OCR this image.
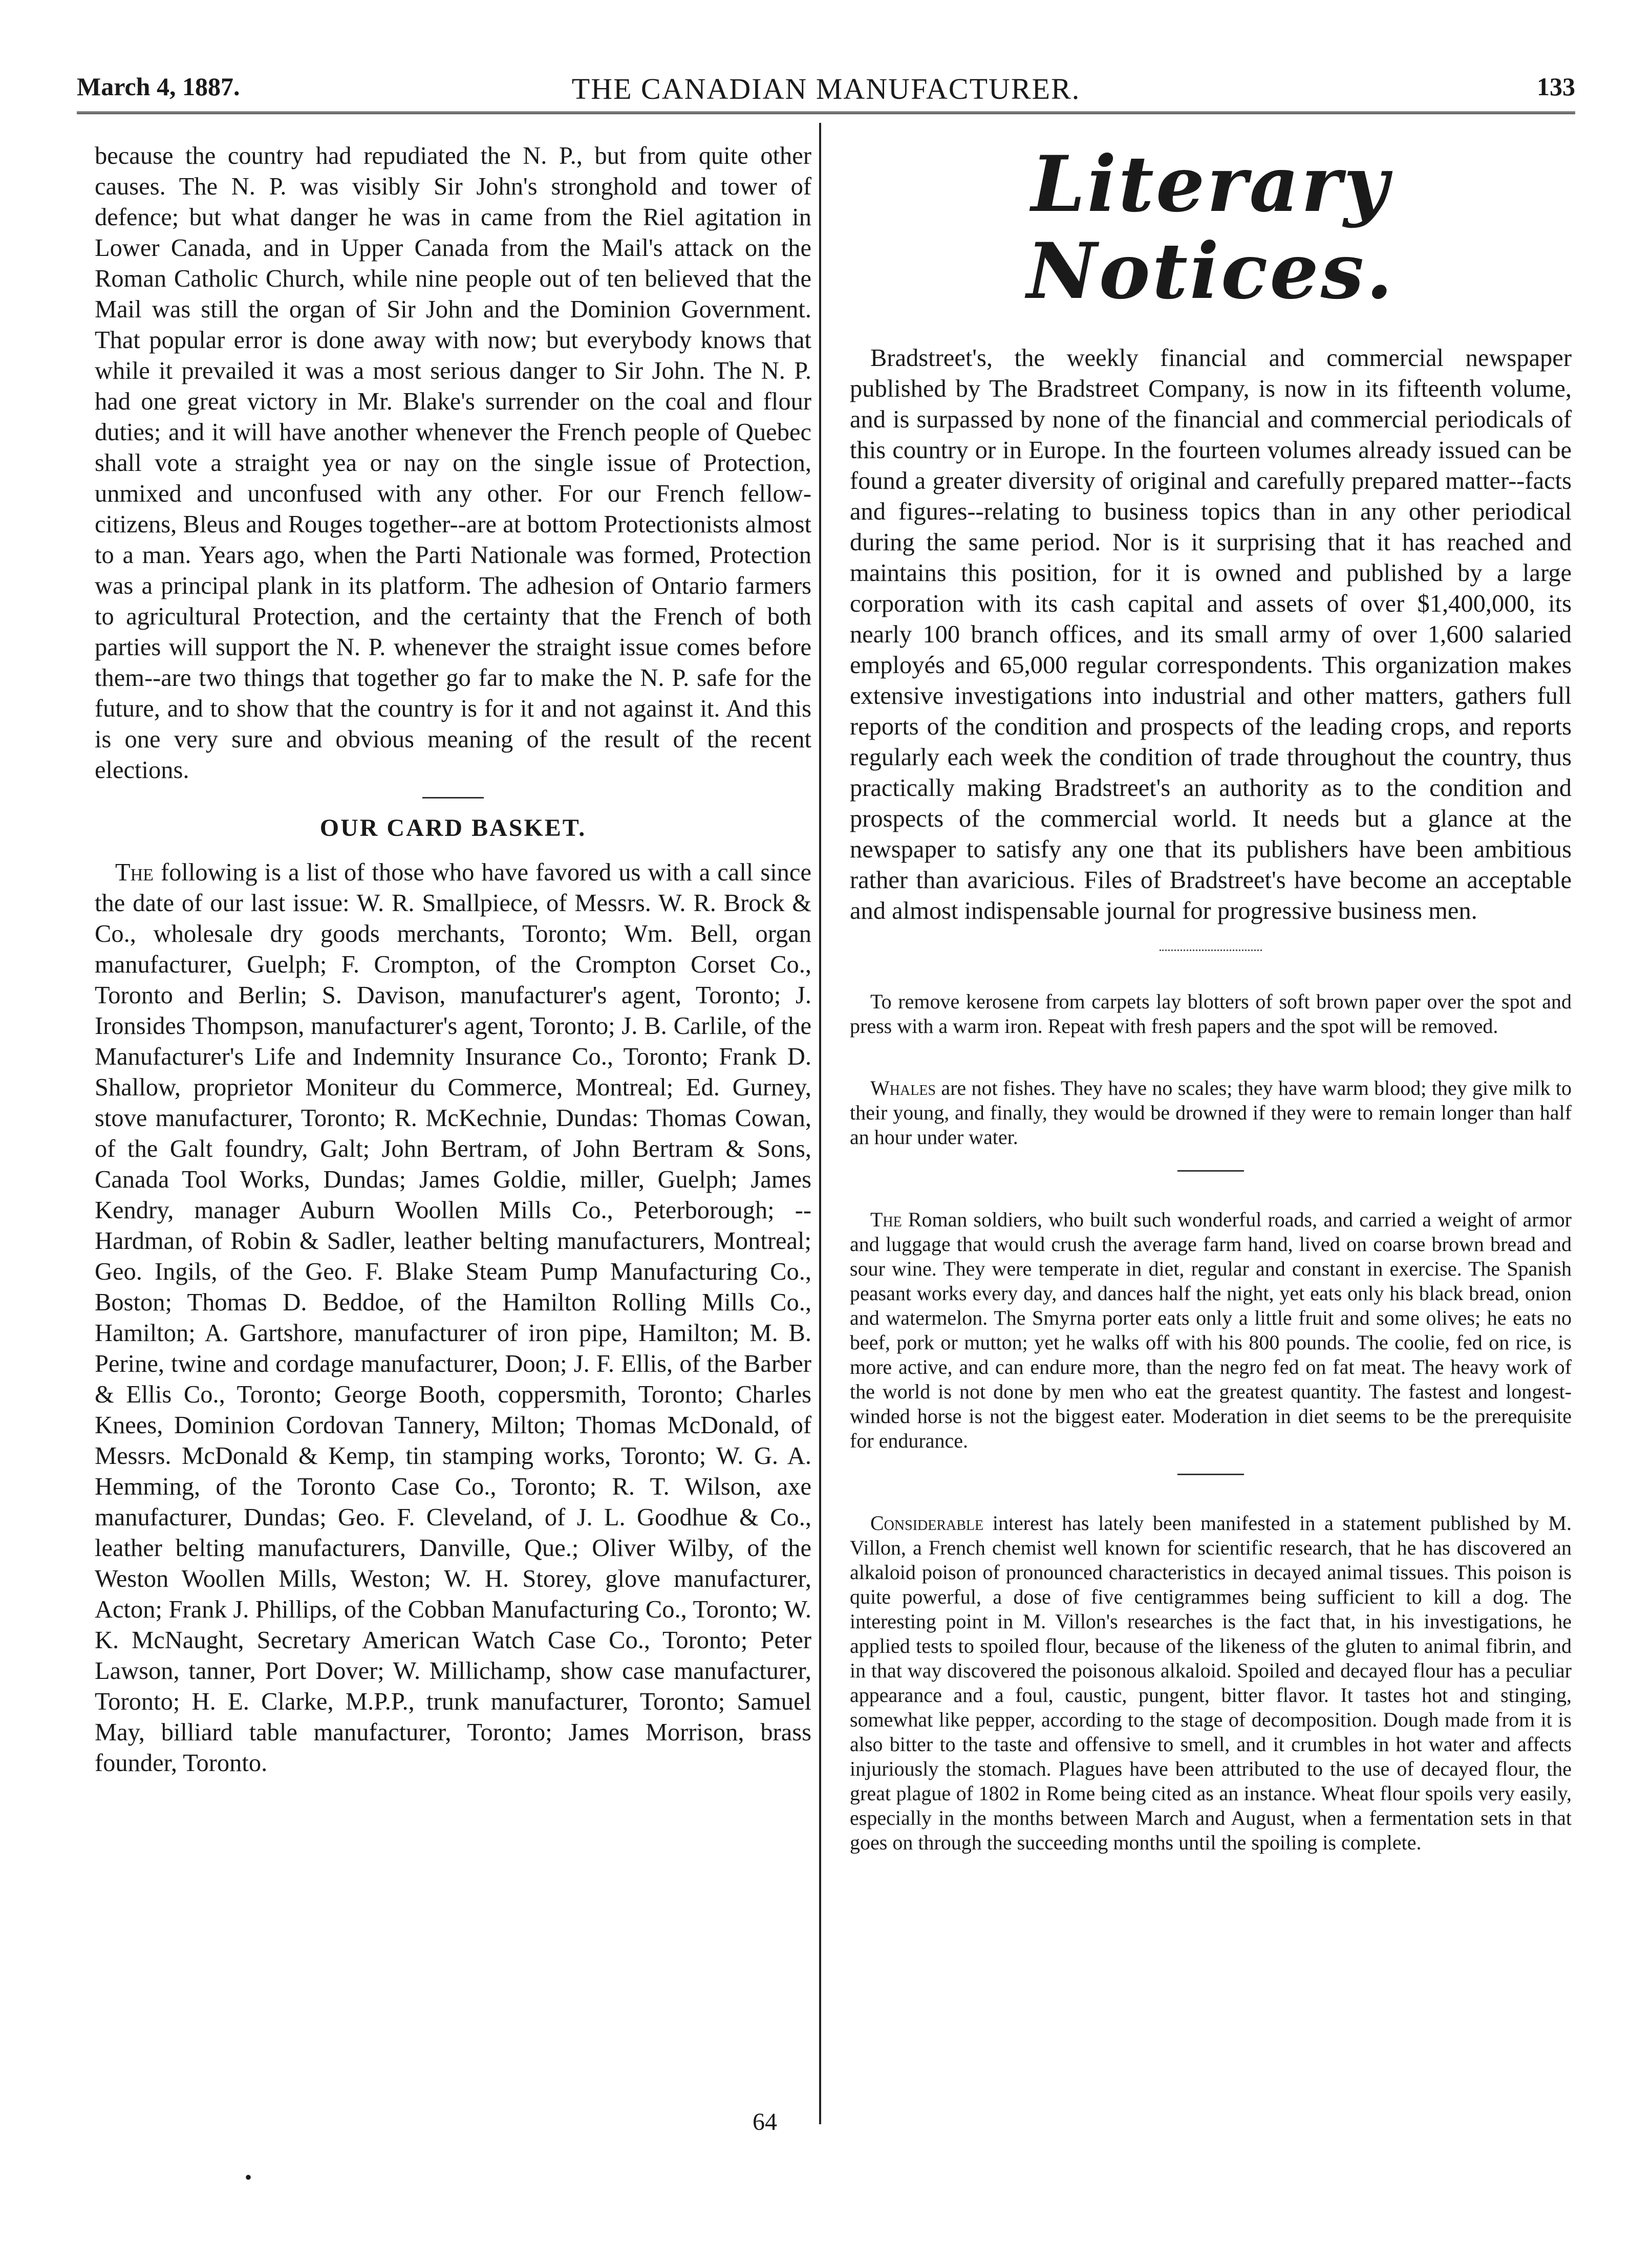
March 4, 1887.	THE CANADIAN MANUFACTURER.	133

because the country had repudiated the N. P., but from quite other causes. The N. P. was visibly Sir John's stronghold and tower of defence; but what danger he was in came from the Riel agitation in Lower Canada, and in Upper Canada from the Mail's attack on the Roman Catholic Church, while nine people out of ten believed that the Mail was still the organ of Sir John and the Dominion Government. That popular error is done away with now; but everybody knows that while it prevailed it was a most serious danger to Sir John. The N. P. had one great victory in Mr. Blake's surrender on the coal and flour duties; and it will have another whenever the French people of Quebec shall vote a straight yea or nay on the single issue of Protection, unmixed and unconfused with any other. For our French fellow-citizens, Bleus and Rouges together--are at bottom Protectionists almost to a man. Years ago, when the Parti Nationale was formed, Protection was a principal plank in its platform. The adhesion of Ontario farmers to agricultural Protection, and the certainty that the French of both parties will support the N. P. whenever the straight issue comes before them--are two things that together go far to make the N. P. safe for the future, and to show that the country is for it and not against it. And this is one very sure and obvious meaning of the result of the recent elections.

OUR CARD BASKET.

The following is a list of those who have favored us with a call since the date of our last issue: W. R. Smallpiece, of Messrs. W. R. Brock & Co., wholesale dry goods merchants, Toronto; Wm. Bell, organ manufacturer, Guelph; F. Crompton, of the Crompton Corset Co., Toronto and Berlin; S. Davison, manufacturer's agent, Toronto; J. Ironsides Thompson, manufacturer's agent, Toronto; J. B. Carlile, of the Manufacturer's Life and Indemnity Insurance Co., Toronto; Frank D. Shallow, proprietor Moniteur du Commerce, Montreal; Ed. Gurney, stove manufacturer, Toronto; R. McKechnie, Dundas: Thomas Cowan, of the Galt foundry, Galt; John Bertram, of John Bertram & Sons, Canada Tool Works, Dundas; James Goldie, miller, Guelph; James Kendry, manager Auburn Woollen Mills Co., Peterborough; -- Hardman, of Robin & Sadler, leather belting manufacturers, Montreal; Geo. Ingils, of the Geo. F. Blake Steam Pump Manufacturing Co., Boston; Thomas D. Beddoe, of the Hamilton Rolling Mills Co., Hamilton; A. Gartshore, manufacturer of iron pipe, Hamilton; M. B. Perine, twine and cordage manufacturer, Doon; J. F. Ellis, of the Barber & Ellis Co., Toronto; George Booth, coppersmith, Toronto; Charles Knees, Dominion Cordovan Tannery, Milton; Thomas McDonald, of Messrs. McDonald & Kemp, tin stamping works, Toronto; W. G. A. Hemming, of the Toronto Case Co., Toronto; R. T. Wilson, axe manufacturer, Dundas; Geo. F. Cleveland, of J. L. Goodhue & Co., leather belting manufacturers, Danville, Que.; Oliver Wilby, of the Weston Woollen Mills, Weston; W. H. Storey, glove manufacturer, Acton; Frank J. Phillips, of the Cobban Manufacturing Co., Toronto; W. K. McNaught, Secretary American Watch Case Co., Toronto; Peter Lawson, tanner, Port Dover; W. Millichamp, show case manufacturer, Toronto; H. E. Clarke, M.P.P., trunk manufacturer, Toronto; Samuel May, billiard table manufacturer, Toronto; James Morrison, brass founder, Toronto.

Literary Notices.

Bradstreet's, the weekly financial and commercial newspaper published by The Bradstreet Company, is now in its fifteenth volume, and is surpassed by none of the financial and commercial periodicals of this country or in Europe. In the fourteen volumes already issued can be found a greater diversity of original and carefully prepared matter--facts and figures--relating to business topics than in any other periodical during the same period. Nor is it surprising that it has reached and maintains this position, for it is owned and published by a large corporation with its cash capital and assets of over $1,400,000, its nearly 100 branch offices, and its small army of over 1,600 salaried employés and 65,000 regular correspondents. This organization makes extensive investigations into industrial and other matters, gathers full reports of the condition and prospects of the leading crops, and reports regularly each week the condition of trade throughout the country, thus practically making Bradstreet's an authority as to the condition and prospects of the commercial world. It needs but a glance at the newspaper to satisfy any one that its publishers have been ambitious rather than avaricious. Files of Bradstreet's have become an acceptable and almost indispensable journal for progressive business men.

To remove kerosene from carpets lay blotters of soft brown paper over the spot and press with a warm iron. Repeat with fresh papers and the spot will be removed.

Whales are not fishes. They have no scales; they have warm blood; they give milk to their young, and finally, they would be drowned if they were to remain longer than half an hour under water.

The Roman soldiers, who built such wonderful roads, and carried a weight of armor and luggage that would crush the average farm hand, lived on coarse brown bread and sour wine. They were temperate in diet, regular and constant in exercise. The Spanish peasant works every day, and dances half the night, yet eats only his black bread, onion and watermelon. The Smyrna porter eats only a little fruit and some olives; he eats no beef, pork or mutton; yet he walks off with his 800 pounds. The coolie, fed on rice, is more active, and can endure more, than the negro fed on fat meat. The heavy work of the world is not done by men who eat the greatest quantity. The fastest and longest-winded horse is not the biggest eater. Moderation in diet seems to be the prerequisite for endurance.

Considerable interest has lately been manifested in a statement published by M. Villon, a French chemist well known for scientific research, that he has discovered an alkaloid poison of pronounced characteristics in decayed animal tissues. This poison is quite powerful, a dose of five centigrammes being sufficient to kill a dog. The interesting point in M. Villon's researches is the fact that, in his investigations, he applied tests to spoiled flour, because of the likeness of the gluten to animal fibrin, and in that way discovered the poisonous alkaloid. Spoiled and decayed flour has a peculiar appearance and a foul, caustic, pungent, bitter flavor. It tastes hot and stinging, somewhat like pepper, according to the stage of decomposition. Dough made from it is also bitter to the taste and offensive to smell, and it crumbles in hot water and affects injuriously the stomach. Plagues have been attributed to the use of decayed flour, the great plague of 1802 in Rome being cited as an instance. Wheat flour spoils very easily, especially in the months between March and August, when a fermentation sets in that goes on through the succeeding months until the spoiling is complete.

64
•
